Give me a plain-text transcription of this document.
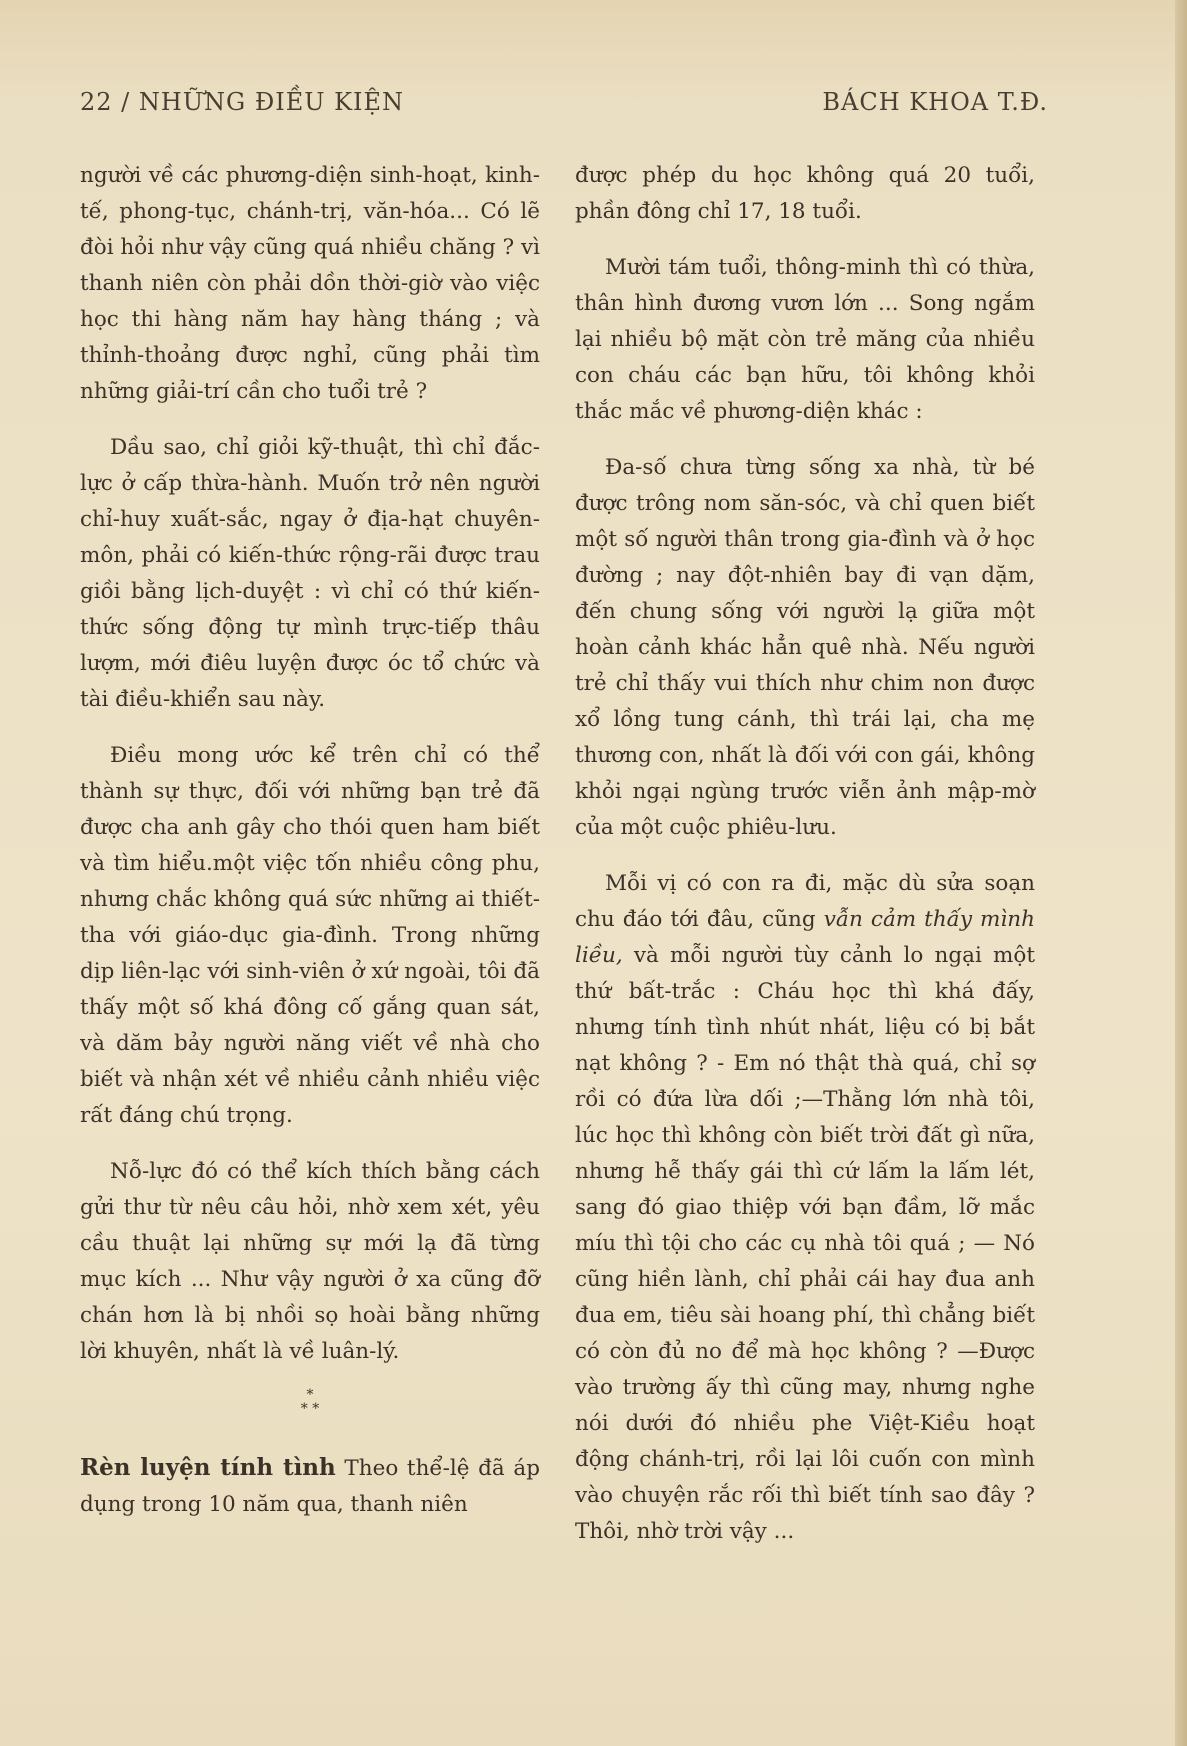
22 / NHỮNG ĐIỀU KIỆN	BÁCH KHOA T.Đ.

người về các phương-diện sinh-hoạt, kinh-tế, phong-tục, chánh-trị, văn-hóa... Có lẽ đòi hỏi như vậy cũng quá nhiều chăng ? vì thanh niên còn phải dồn thời-giờ vào việc học thi hàng năm hay hàng tháng ; và thỉnh-thoảng được nghỉ, cũng phải tìm những giải-trí cần cho tuổi trẻ ?

Dầu sao, chỉ giỏi kỹ-thuật, thì chỉ đắc-lực ở cấp thừa-hành. Muốn trở nên người chỉ-huy xuất-sắc, ngay ở địa-hạt chuyên-môn, phải có kiến-thức rộng-rãi được trau giồi bằng lịch-duyệt : vì chỉ có thứ kiến-thức sống động tự mình trực-tiếp thâu lượm, mới điêu luyện được óc tổ chức và tài điều-khiển sau này.

Điều mong ước kể trên chỉ có thể thành sự thực, đối với những bạn trẻ đã được cha anh gây cho thói quen ham biết và tìm hiểu.một việc tốn nhiều công phu, nhưng chắc không quá sức những ai thiết-tha với giáo-dục gia-đình. Trong những dịp liên-lạc với sinh-viên ở xứ ngoài, tôi đã thấy một số khá đông cố gắng quan sát, và dăm bảy người năng viết về nhà cho biết và nhận xét về nhiều cảnh nhiều việc rất đáng chú trọng.

Nỗ-lực đó có thể kích thích bằng cách gửi thư từ nêu câu hỏi, nhờ xem xét, yêu cầu thuật lại những sự mới lạ đã từng mục kích ... Như vậy người ở xa cũng đỡ chán hơn là bị nhồi sọ hoài bằng những lời khuyên, nhất là về luân-lý.

*
* *

Rèn luyện tính tình Theo thể-lệ đã áp dụng trong 10 năm qua, thanh niên

được phép du học không quá 20 tuổi, phần đông chỉ 17, 18 tuổi.

Mười tám tuổi, thông-minh thì có thừa, thân hình đương vươn lớn ... Song ngắm lại nhiều bộ mặt còn trẻ măng của nhiều con cháu các bạn hữu, tôi không khỏi thắc mắc về phương-diện khác :

Đa-số chưa từng sống xa nhà, từ bé được trông nom săn-sóc, và chỉ quen biết một số người thân trong gia-đình và ở học đường ; nay đột-nhiên bay đi vạn dặm, đến chung sống với người lạ giữa một hoàn cảnh khác hẳn quê nhà. Nếu người trẻ chỉ thấy vui thích như chim non được xổ lồng tung cánh, thì trái lại, cha mẹ thương con, nhất là đối với con gái, không khỏi ngại ngùng trước viễn ảnh mập-mờ của một cuộc phiêu-lưu.

Mỗi vị có con ra đi, mặc dù sửa soạn chu đáo tới đâu, cũng vẫn cảm thấy mình liều, và mỗi người tùy cảnh lo ngại một thứ bất-trắc : Cháu học thì khá đấy, nhưng tính tình nhút nhát, liệu có bị bắt nạt không ? - Em nó thật thà quá, chỉ sợ rồi có đứa lừa dối ;—Thằng lớn nhà tôi, lúc học thì không còn biết trời đất gì nữa, nhưng hễ thấy gái thì cứ lấm la lấm lét, sang đó giao thiệp với bạn đầm, lỡ mắc míu thì tội cho các cụ nhà tôi quá ; — Nó cũng hiền lành, chỉ phải cái hay đua anh đua em, tiêu sài hoang phí, thì chẳng biết có còn đủ no để mà học không ? —Được vào trường ấy thì cũng may, nhưng nghe nói dưới đó nhiều phe Việt-Kiều hoạt động chánh-trị, rồi lại lôi cuốn con mình vào chuyện rắc rối thì biết tính sao đây ? Thôi, nhờ trời vậy ...
